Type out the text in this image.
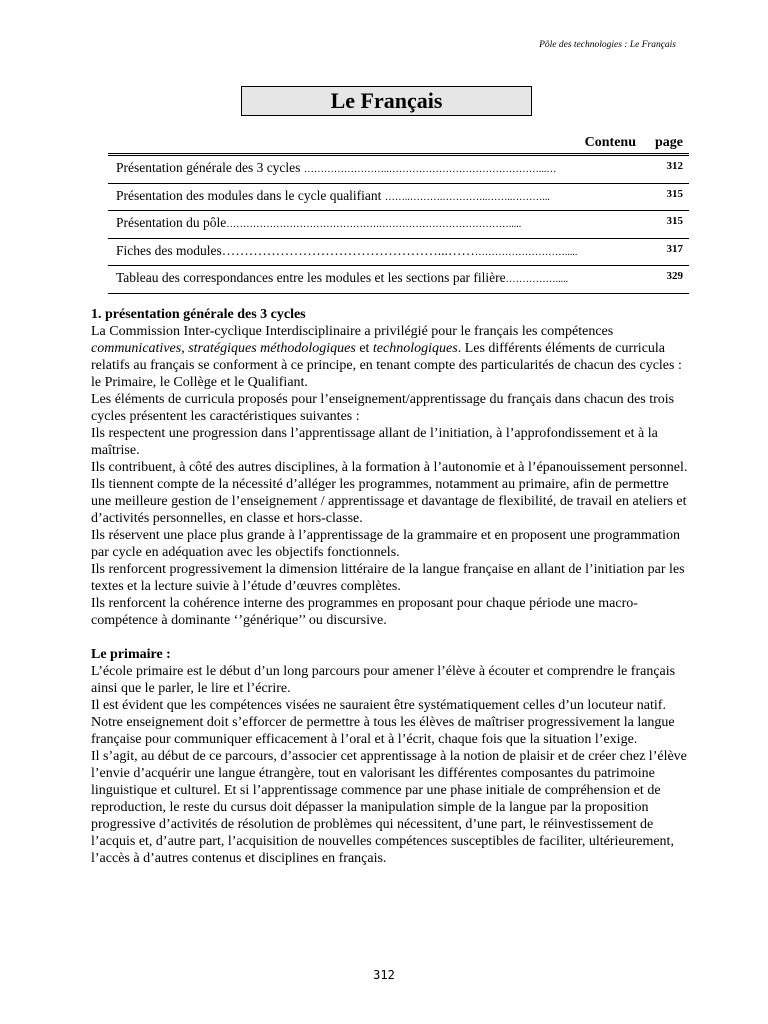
Pôle des technologies : Le Français
Le Français
Contenu page
Présentation générale des 3 cycles ……………………..………………………………………...…	312
Présentation des modules dans le cycle qualifiant ……..……….…………..……..………...	315
Présentation du pôle……………………………………….………………………………….....	315
Fiches des modules…………………………………………...…………………………….....	317
Tableau des correspondances entre les modules et les sections par filière…………….....	329

1. présentation générale des 3 cycles

La Commission Inter-cyclique Interdisciplinaire a privilégié pour le français les compétences communicatives, stratégiques méthodologiques et technologiques. Les différents éléments de curricula relatifs au français se conforment à ce principe, en tenant compte des particularités de chacun des cycles : le Primaire, le Collège et le Qualifiant.

Les éléments de curricula proposés pour l’enseignement/apprentissage du français dans chacun des trois cycles présentent les caractéristiques suivantes :

Ils respectent une progression dans l’apprentissage allant de l’initiation, à l’approfondissement et à la maîtrise.

Ils contribuent, à côté des autres disciplines, à la formation à l’autonomie et à l’épanouissement personnel.

Ils tiennent compte de la nécessité d’alléger les programmes, notamment au primaire, afin de permettre une meilleure gestion de l’enseignement / apprentissage et davantage de flexibilité, de travail en ateliers et d’activités personnelles, en classe et hors-classe.

Ils réservent une place plus grande à l’apprentissage de la grammaire et en proposent une programmation par cycle en adéquation avec les objectifs fonctionnels.

Ils renforcent progressivement la dimension littéraire de la langue française en allant de l’initiation par les textes et la lecture suivie à l’étude d’œuvres complètes.

Ils renforcent la cohérence interne des programmes en proposant pour chaque période une macro-compétence à dominante ‘’générique’’ ou discursive.

Le primaire :

L’école primaire est le début d’un long parcours pour amener l’élève à écouter et comprendre le français ainsi que le parler, le lire et l’écrire.

Il est évident que les compétences visées ne sauraient être systématiquement celles d’un locuteur natif. Notre enseignement doit s’efforcer de permettre à tous les élèves de maîtriser progressivement la langue française pour communiquer efficacement à l’oral et à l’écrit, chaque fois que la situation l’exige.

Il s’agit, au début de ce parcours, d’associer cet apprentissage à la notion de plaisir et de créer chez l’élève l’envie d’acquérir une langue étrangère, tout en valorisant les différentes composantes du patrimoine linguistique et culturel. Et si l’apprentissage commence par une phase initiale de compréhension et de reproduction, le reste du cursus doit dépasser la manipulation simple de la langue par la proposition progressive d’activités de résolution de problèmes qui nécessitent, d’une part, le réinvestissement de l’acquis et, d’autre part, l’acquisition de nouvelles compétences susceptibles de faciliter, ultérieurement, l’accès à d’autres contenus et disciplines en français.

312
